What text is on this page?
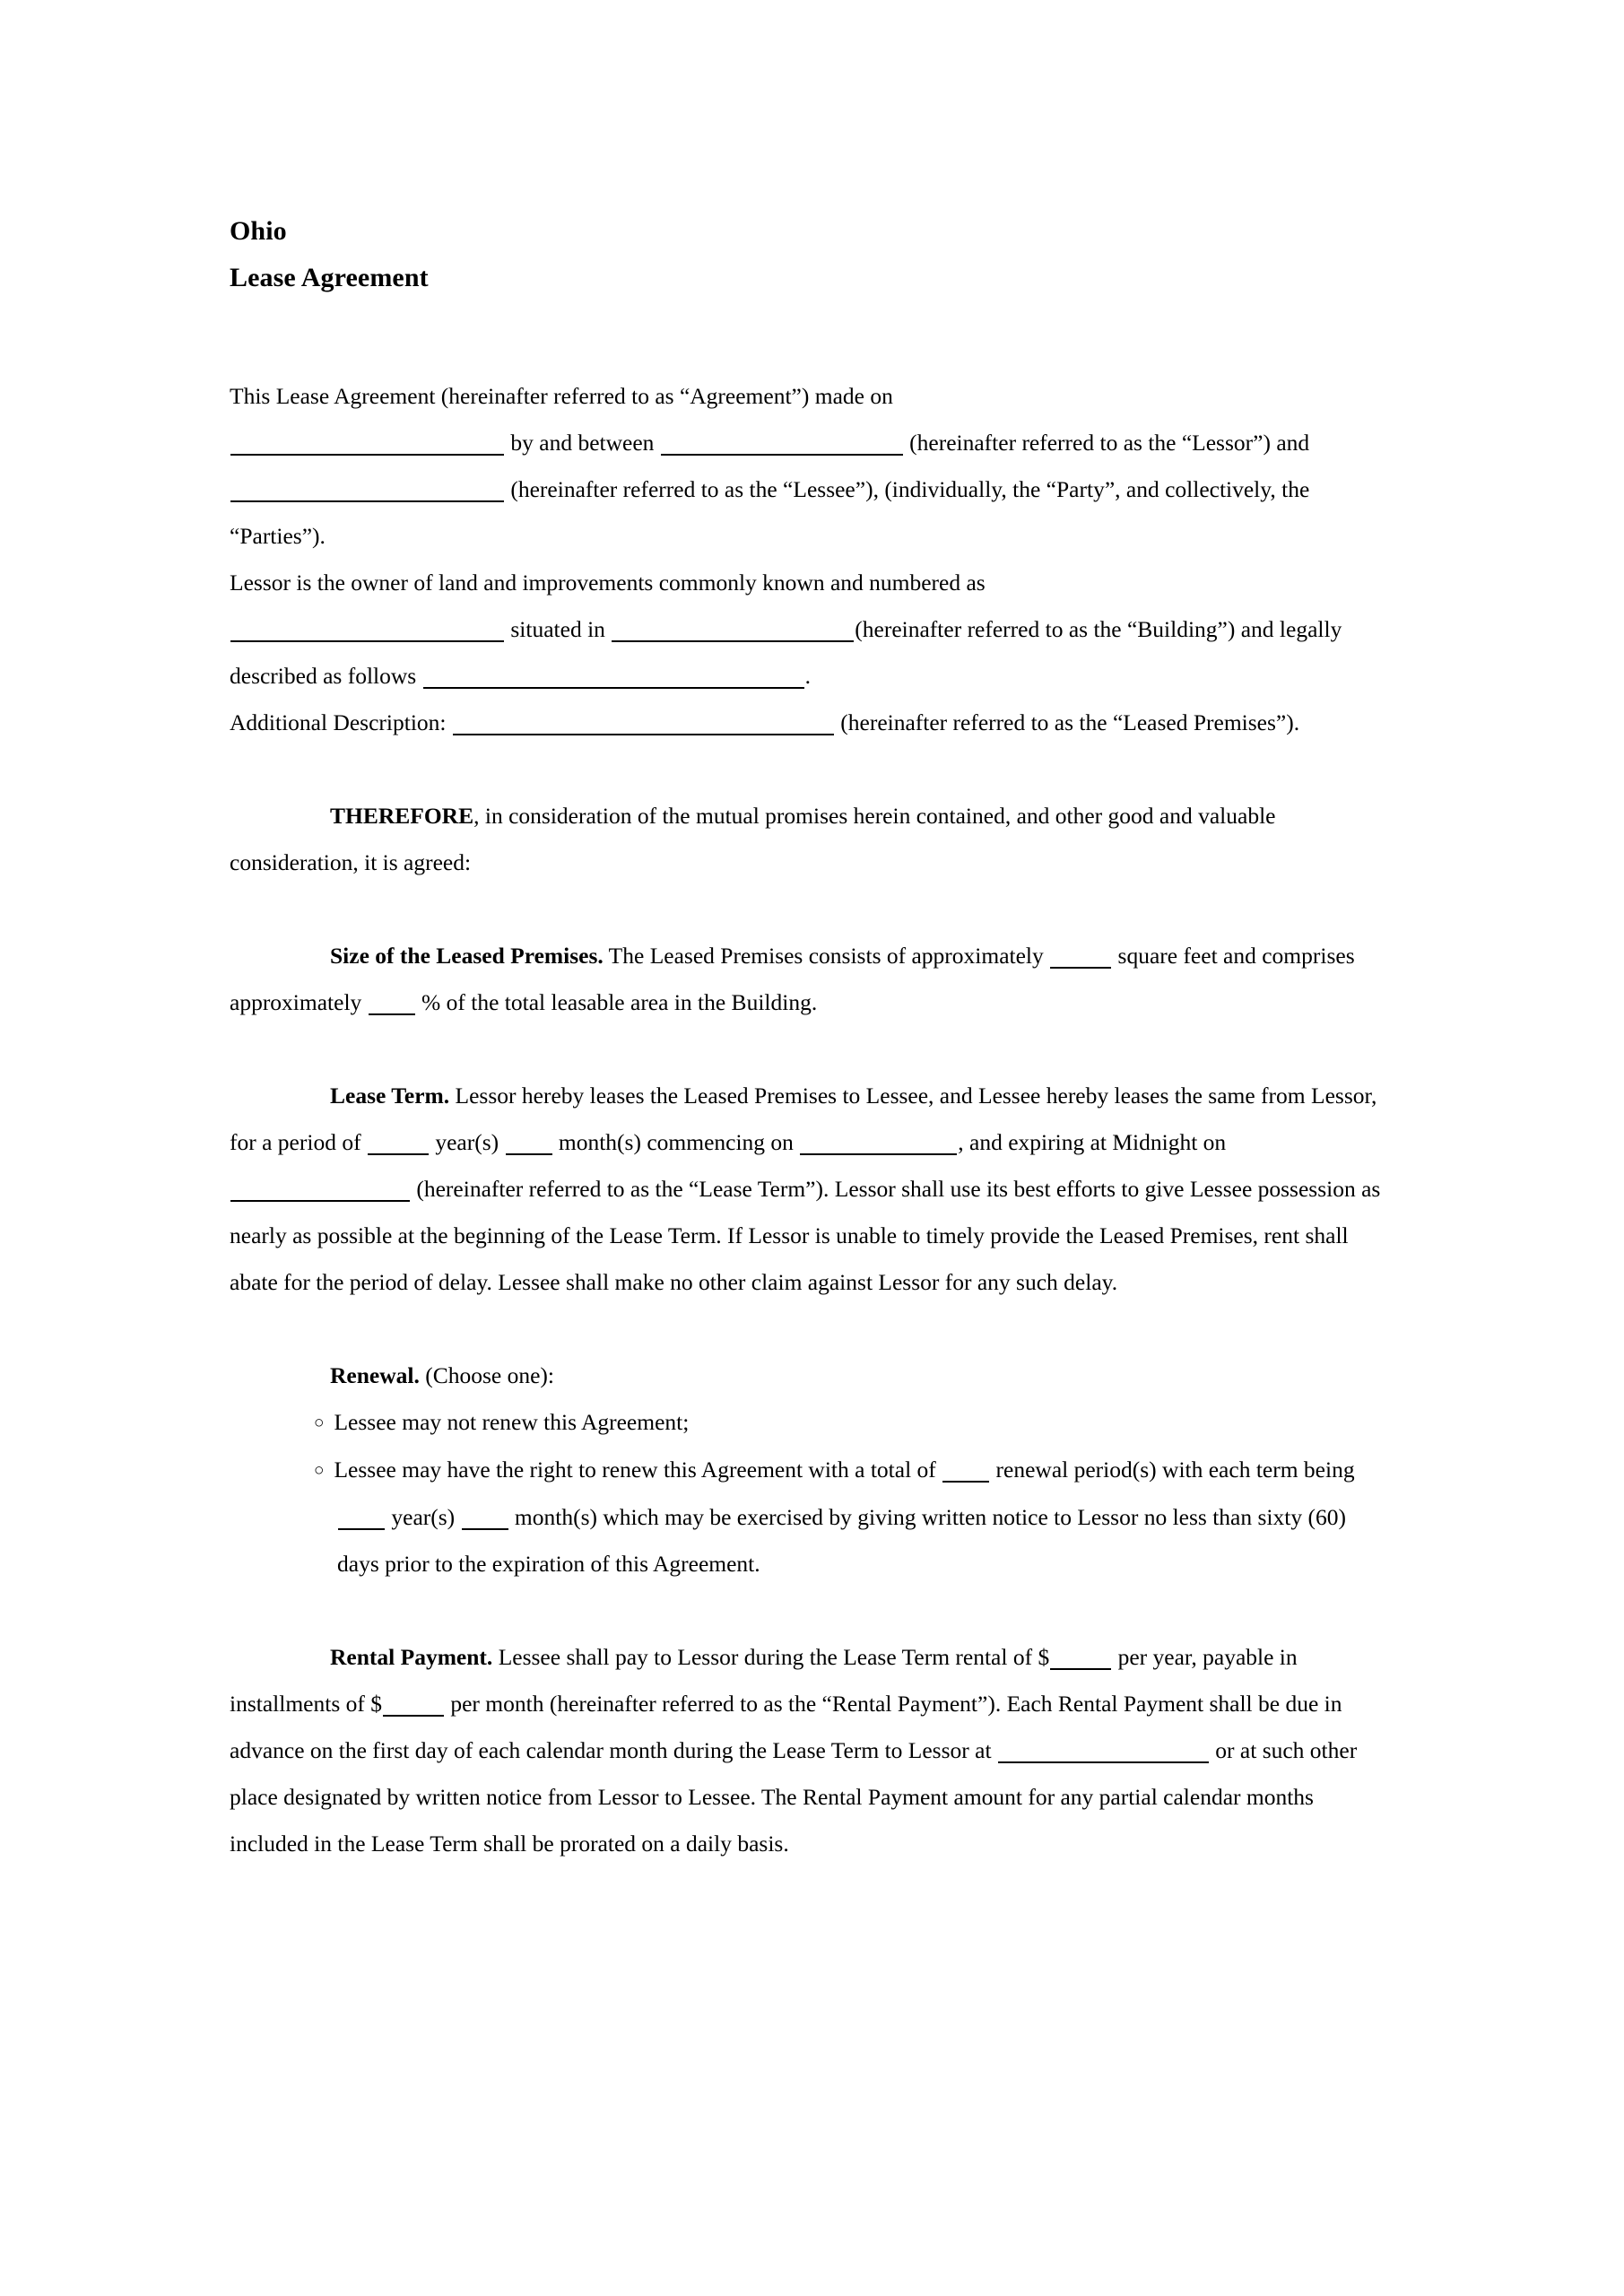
Ohio
Lease Agreement

This Lease Agreement (hereinafter referred to as “Agreement”) made on
by and between	(hereinafter referred to as the “Lessor”) and  (hereinafter referred to as the “Lessee”), (individually, the “Party”, and collectively, the “Parties”).
Lessor is the owner of land and improvements commonly known and numbered as
situated in	(hereinafter referred to as the “Building”) and legally described as follows	.
Additional Description:	(hereinafter referred to as the “Leased Premises”).

THEREFORE, in consideration of the mutual promises herein contained, and other good and valuable consideration, it is agreed:

Size of the Leased Premises. The Leased Premises consists of approximately	square feet and comprises approximately  % of the total leasable area in the Building.

Lease Term. Lessor hereby leases the Leased Premises to Lessee, and Lessee hereby leases the same from Lessor, for a period of	year(s)  month(s) commencing on	, and expiring at Midnight on  (hereinafter referred to as the “Lease Term”). Lessor shall use its best efforts to give Lessee possession as nearly as possible at the beginning of the Lease Term. If Lessor is unable to timely provide the Leased Premises, rent shall abate for the period of delay. Lessee shall make no other claim against Lessor for any such delay.

Renewal. (Choose one):

○ Lessee may not renew this Agreement;
○ Lessee may have the right to renew this Agreement with a total of  renewal period(s) with each term being  year(s)  month(s) which may be exercised by giving written notice to Lessor no less than sixty (60) days prior to the expiration of this Agreement.

Rental Payment. Lessee shall pay to Lessor during the Lease Term rental of $	per year, payable in installments of $	per month (hereinafter referred to as the “Rental Payment”). Each Rental Payment shall be due in advance on the first day of each calendar month during the Lease Term to Lessor at	or at such other place designated by written notice from Lessor to Lessee. The Rental Payment amount for any partial calendar months included in the Lease Term shall be prorated on a daily basis.
